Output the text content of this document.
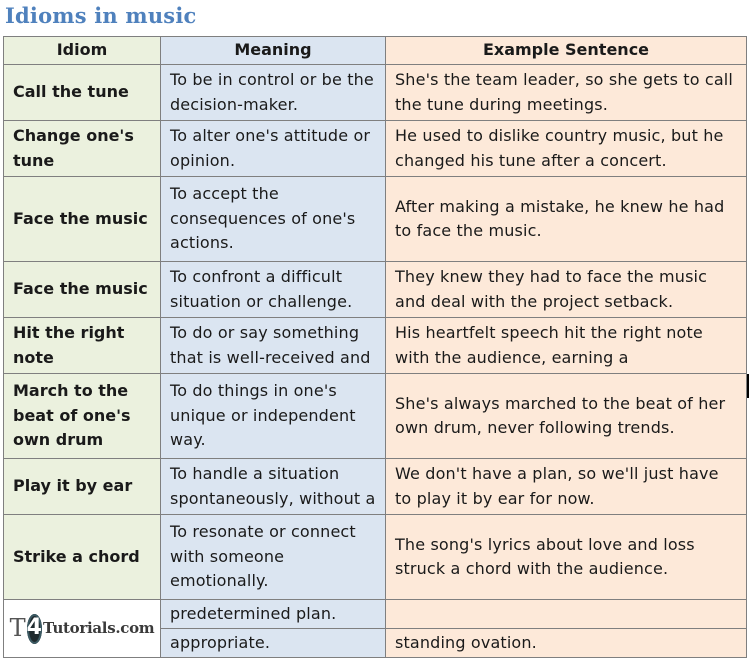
Idioms in music
Idiom	Meaning	Example Sentence
Call the tune	To be in control or be the decision-maker.	She's the team leader, so she gets to call the tune during meetings.
Change one's tune	To alter one's attitude or opinion.	He used to dislike country music, but he changed his tune after a concert.
Face the music	To accept the consequences of one's actions.	After making a mistake, he knew he had to face the music.
Face the music	To confront a difficult situation or challenge.	They knew they had to face the music and deal with the project setback.
Hit the right note	To do or say something that is well-received and	His heartfelt speech hit the right note with the audience, earning a
March to the beat of one's own drum	To do things in one's unique or independent way.	She's always marched to the beat of her own drum, never following trends.
Play it by ear	To handle a situation spontaneously, without a	We don't have a plan, so we'll just have to play it by ear for now.
Strike a chord	To resonate or connect with someone emotionally.	The song's lyrics about love and loss struck a chord with the audience.

T 4 Tutorials.com	predetermined plan.	
	appropriate.	standing ovation.
